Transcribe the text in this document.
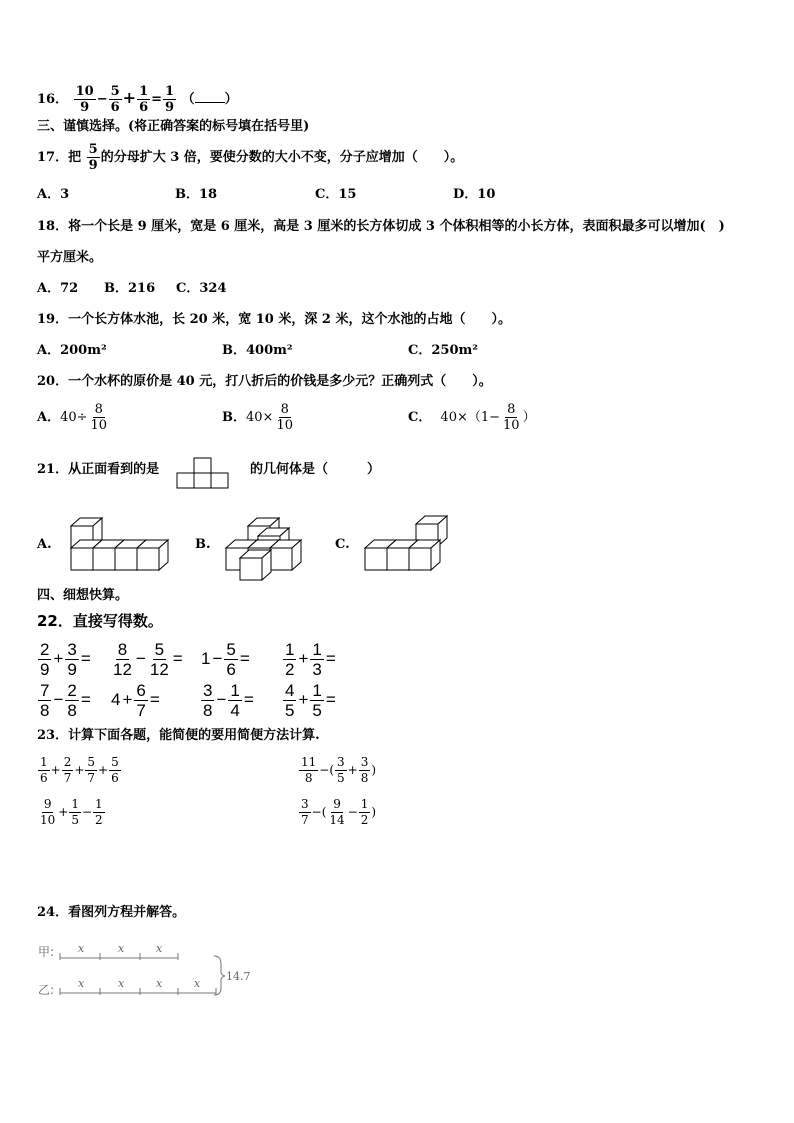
16． $\frac{10}{9} - \frac{5}{6} + \frac{1}{6} = \frac{1}{9}$ （ ）
三、谨慎选择。(将正确答案的标号填在括号里)
17．把 $\frac{5}{9}$ 的分母扩大 3 倍，要使分数的大小不变，分子应增加（　　）。
A．3	B．18	C．15	D．10
18．将一个长是 9 厘米，宽是 6 厘米，高是 3 厘米的长方体切成 3 个体积相等的小长方体，表面积最多可以增加(　)
平方厘米。
A．72 B．216 C．324
19．一个长方体水池，长 20 米，宽 10 米，深 2 米，这个水池的占地（　　）。
A．200m²	B．400m²	C．250m²
20．一个水杯的原价是 40 元，打八折后的价钱是多少元？正确列式（　　）。
A．$40\div \frac{8}{10}$	B．$40\times \frac{8}{10}$	C． $40\times(1- \frac{8}{10}$ ）
21．从正面看到的是	的几何体是（　　　）
A.	B.	C.
四、细想快算。
22．直接写得数。
$\frac{2}{9} + \frac{3}{9} = \frac{8}{12} - \frac{5}{12} = 1 - \frac{5}{6} = \frac{1}{2} + \frac{1}{3}$ =
$\frac{7}{8} - \frac{2}{8} = 4 + \frac{6}{7} = \frac{3}{8} - \frac{1}{4} = \frac{4}{5} + \frac{1}{5}$ =
23．计算下面各题，能简便的要用简便方法计算.
$\frac{1}{6} + \frac{2}{7} + \frac{5}{7} + \frac{5}{6}$	$\frac{11}{8}$ −( $\frac{3}{5} + \frac{3}{8}$ )
$\frac{9}{10} + \frac{1}{5} - \frac{1}{2}$	$\frac{3}{7}$ −( $\frac{9}{14} - \frac{1}{2}$ )
24．看图列方程并解答。
甲:
乙:
x	x	x
x	x	x	x
14.7
